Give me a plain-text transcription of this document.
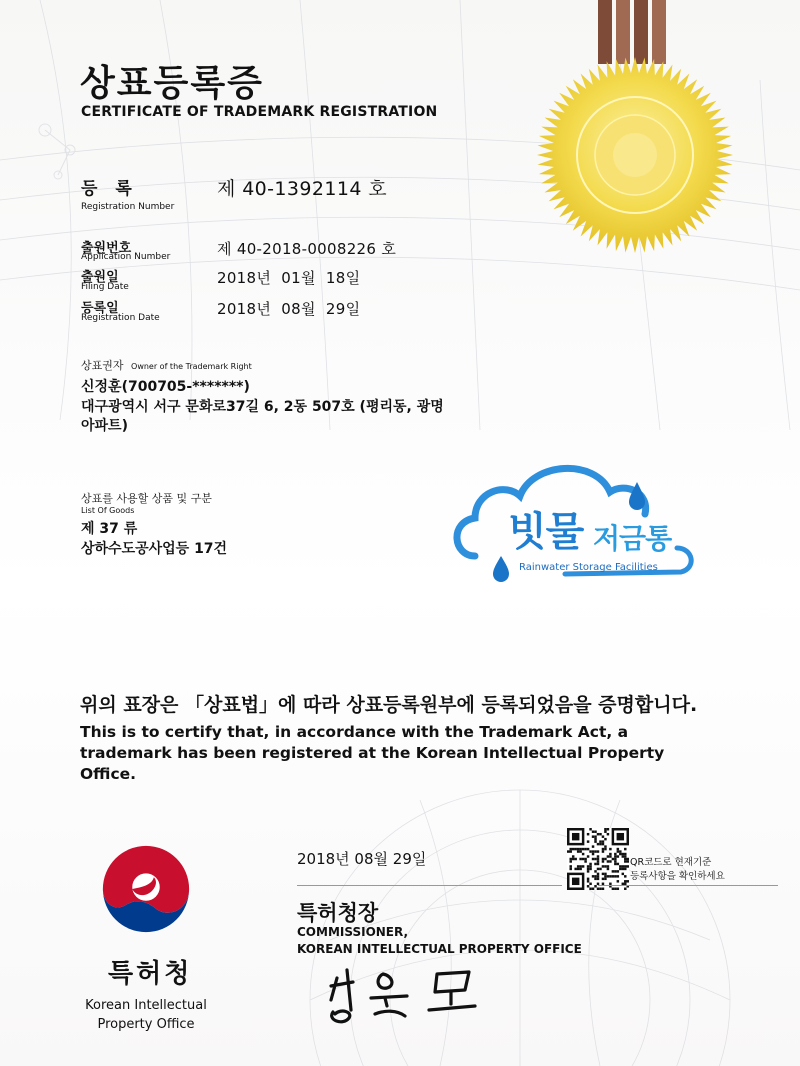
상표등록증
CERTIFICATE OF TRADEMARK REGISTRATION
등 록
Registration Number
제 40-1392114 호
출원번호
Application Number	제 40-2018-0008226 호
출원일
Filing Date	2018년  01월  18일
등록일
Registration Date	2018년  08월  29일
상표권자 Owner of the Trademark Right
신정훈(700705-*******)
대구광역시 서구 문화로37길 6, 2동 507호 (평리동, 광명
아파트)
상표를 사용할 상품 및 구분
List Of Goods
제 37 류
상하수도공사업등 17건	빗물 저금통
Rainwater Storage Facilities
위의 표장은 「상표법」에 따라 상표등록원부에 등록되었음을 증명합니다.
This is to certify that, in accordance with the Trademark Act, a trademark has been registered at the Korean Intellectual Property Office.
2018년 08월 29일	QR코드로 현재기준
등록사항을 확인하세요
특허청장
COMMISSIONER,
KOREAN INTELLECTUAL PROPERTY OFFICE
특허청
Korean Intellectual
Property Office
